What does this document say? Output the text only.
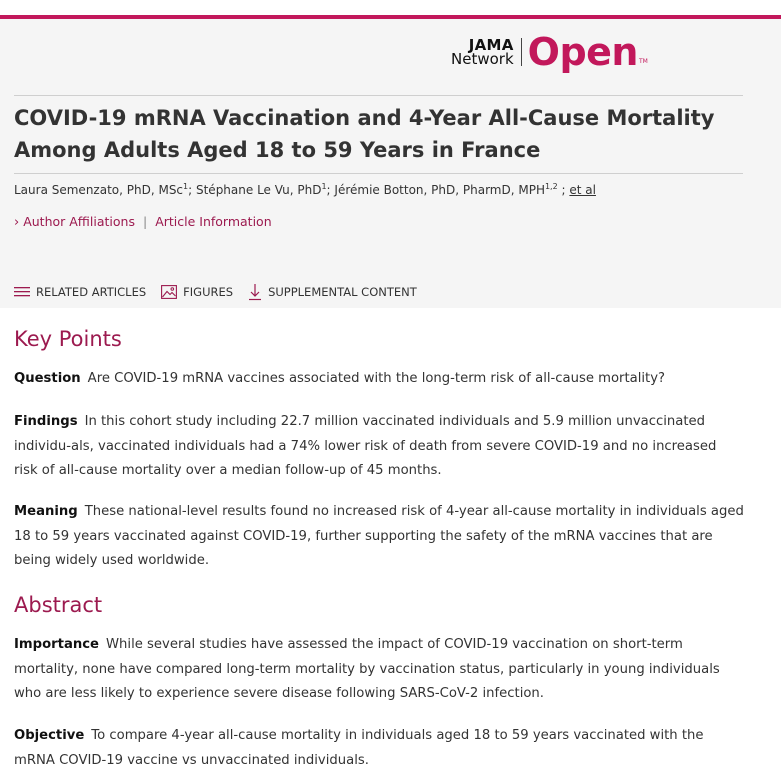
JAMA
Network Open TM
COVID-19 mRNA Vaccination and 4-Year All-Cause Mortality Among Adults Aged 18 to 59 Years in France
Laura Semenzato, PhD, MSc$^1$; Stéphane Le Vu, PhD$^1$; Jérémie Botton, PhD, PharmD, MPH$^{1,2}$ ; et al
› Author Affiliations | Article Information
RELATED ARTICLES	FIGURES	SUPPLEMENTAL CONTENT
Key Points

Question Are COVID-19 mRNA vaccines associated with the long-term risk of all-cause mortality?

Findings In this cohort study including 22.7 million vaccinated individuals and 5.9 million unvaccinated individu-als, vaccinated individuals had a 74% lower risk of death from severe COVID-19 and no increased risk of all-cause mortality over a median follow-up of 45 months.

Meaning These national-level results found no increased risk of 4-year all-cause mortality in individuals aged 18 to 59 years vaccinated against COVID-19, further supporting the safety of the mRNA vaccines that are being widely used worldwide.

Abstract

Importance While several studies have assessed the impact of COVID-19 vaccination on short-term mortality, none have compared long-term mortality by vaccination status, particularly in young individuals who are less likely to experience severe disease following SARS-CoV-2 infection.

Objective To compare 4-year all-cause mortality in individuals aged 18 to 59 years vaccinated with the mRNA COVID-19 vaccine vs unvaccinated individuals.
